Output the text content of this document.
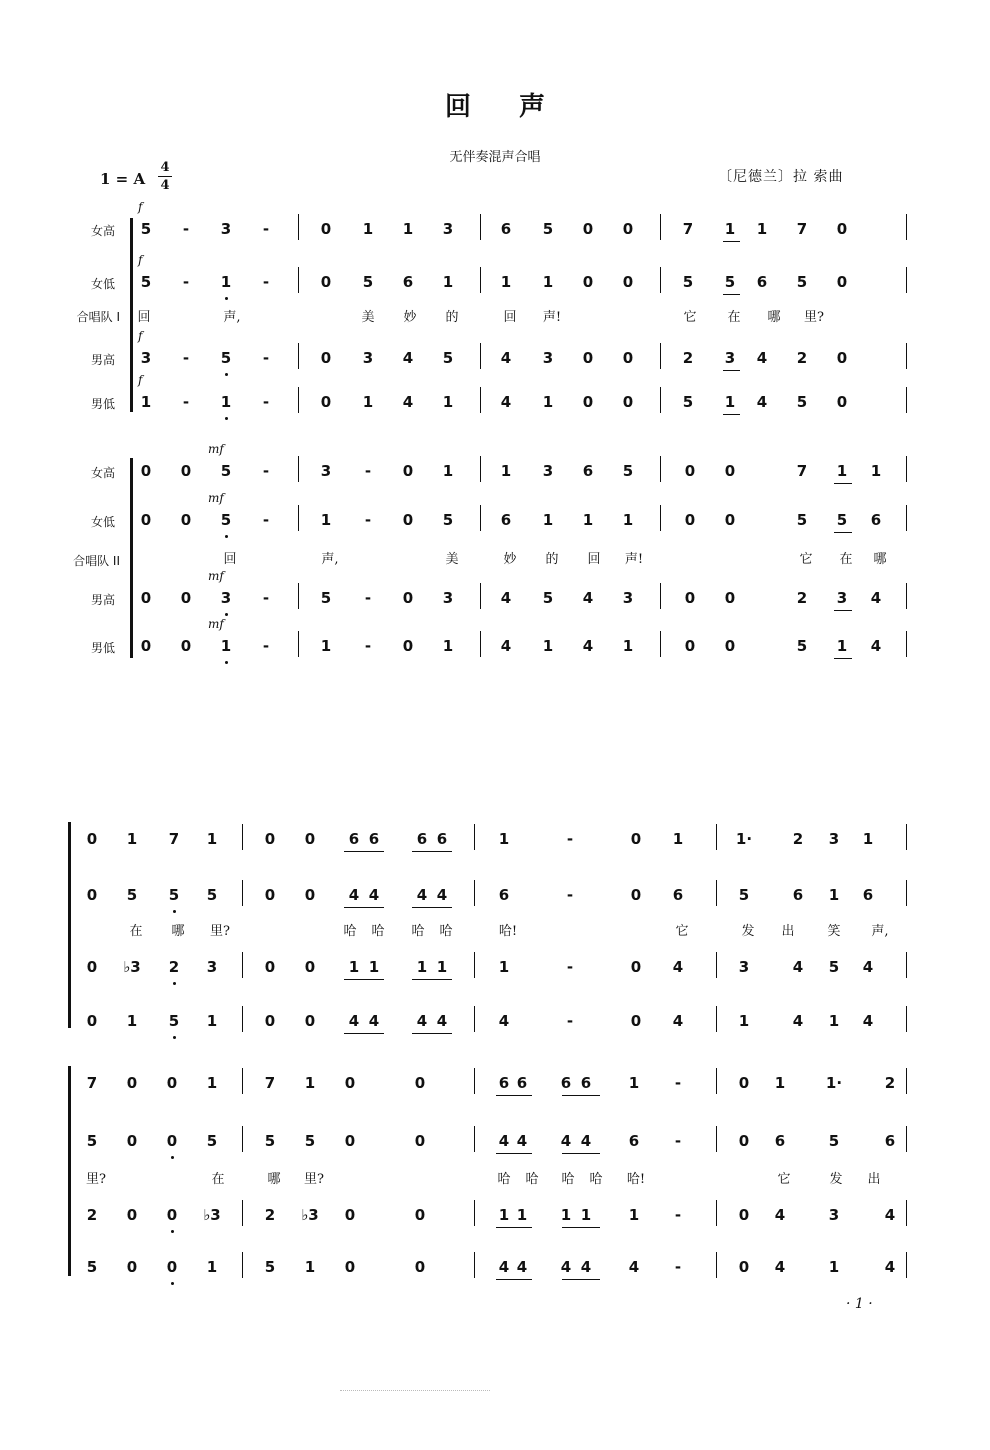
回 声
无伴奏混声合唱
1 = A
4
4
〔尼德兰〕拉 索曲
女高
f
5	-	3	-	0	1	1	3	6	5	0	0	7	1	1	7	0
女低
f
5	-	1	-	0	5	6	1	1	1	0	0	5	5	6	5	0
男高
f
3	-	5	-	0	3	4	5	4	3	0	0	2	3	4	2	0
男低
f
1	-	1	-	0	1	4	1	4	1	0	0	5	1	4	5	0
合唱队 I	回	声,	美	妙	的	回	声!	它	在	哪	里?
女高
mf
0	0	5	-	3	-	0	1	1	3	6	5	0	0	7	1	1
女低
mf
0	0	5	-	1	-	0	5	6	1	1	1	0	0	5	5	6
男高
mf
0	0	3	-	5	-	0	3	4	5	4	3	0	0	2	3	4
男低
mf
0	0	1	-	1	-	0	1	4	1	4	1	0	0	5	1	4
合唱队 II	回	声,	美	妙	的	回	声!	它	在	哪
0	1	7	1	0	0	6 6	6 6	1	-	0	1	1·	2	3	1
0	5	5	5	0	0	4 4	4 4	6	-	0	6	5	6	1	6
0	♭3	2	3	0	0	1 1	1 1	1	-	0	4	3	4	5	4
0	1	5	1	0	0	4 4	4 4	4	-	0	4	1	4	1	4
在	哪	里?	哈	哈	哈	哈	哈!	它	发	出	笑	声,
7	0	0	1	7	1	0	0	6 6	6 6	1	-	0	1	1·	2
5	0	0	5	5	5	0	0	4 4	4 4	6	-	0	6	5	6
2	0	0	♭3	2	♭3	0	0	1 1	1 1	1	-	0	4	3	4
5	0	0	1	5	1	0	0	4 4	4 4	4	-	0	4	1	4
里?	在	哪	里?	哈	哈	哈	哈	哈!	它	发	出
· 1 ·
